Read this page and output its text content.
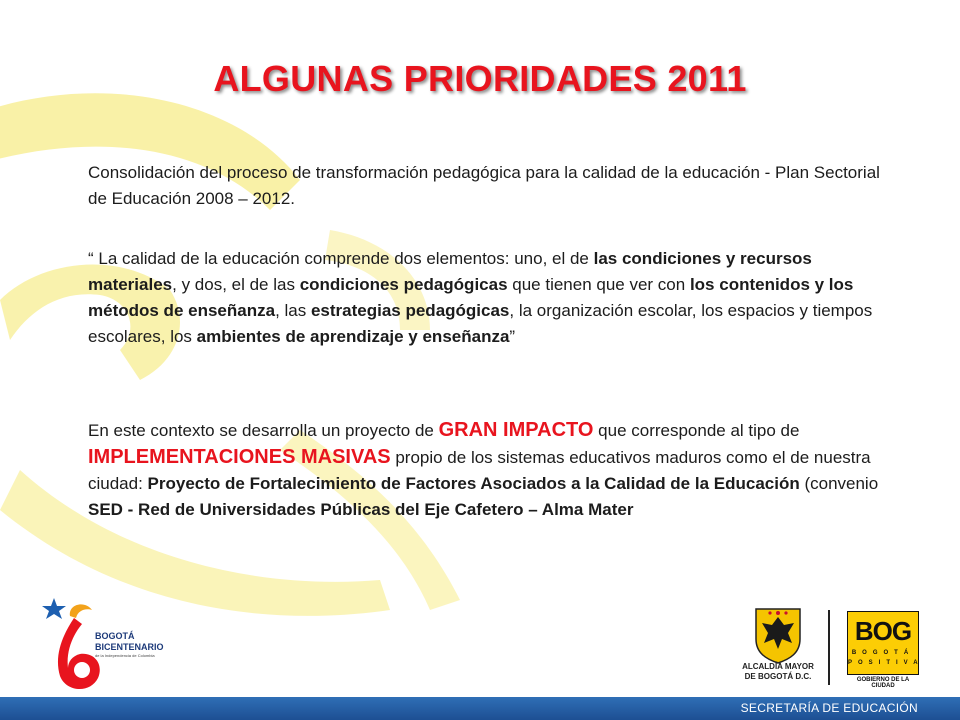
ALGUNAS PRIORIDADES 2011
Consolidación del proceso de transformación pedagógica para la calidad de la educación - Plan Sectorial de Educación 2008 – 2012.
“ La calidad de la educación comprende dos elementos: uno, el de las condiciones y recursos materiales, y dos, el de las condiciones pedagógicas que tienen que ver con los contenidos y los métodos de enseñanza, las estrategias pedagógicas, la organización escolar, los espacios y tiempos escolares, los ambientes de aprendizaje y enseñanza”
En este contexto se desarrolla un proyecto de GRAN IMPACTO que corresponde al tipo de IMPLEMENTACIONES MASIVAS propio de los sistemas educativos maduros como el de nuestra ciudad: Proyecto de Fortalecimiento de Factores Asociados a la Calidad de la Educación (convenio SED - Red de Universidades Públicas del Eje Cafetero – Alma Mater
BOGOTÁ
BICENTENARIO
de la Independencia de Colombia
ALCALDÍA MAYOR
DE BOGOTÁ D.C.
BOG
BOGOTÁ
POSITIVA
GOBIERNO DE LA CIUDAD
SECRETARÍA DE EDUCACIÓN
